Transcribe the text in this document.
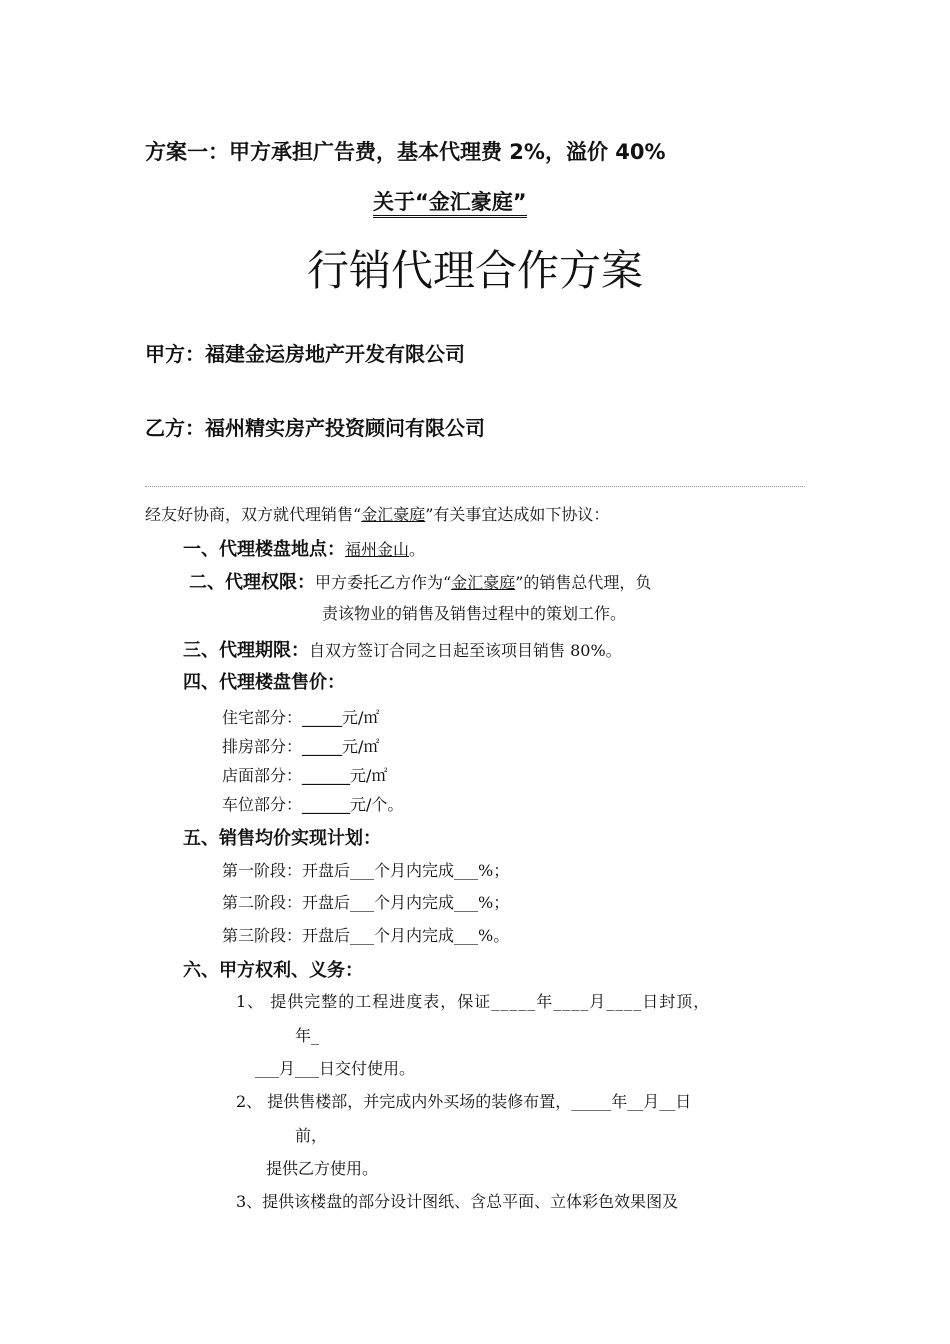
方案一：甲方承担广告费，基本代理费 2%，溢价 40%
关于“金汇豪庭”
行销代理合作方案
甲方：福建金运房地产开发有限公司
乙方：福州精实房产投资顾问有限公司
经友好协商，双方就代理销售“金汇豪庭”有关事宜达成如下协议：
一、代理楼盘地点：福州金山。
二、代理权限：甲方委托乙方作为“金汇豪庭”的销售总代理，负
责该物业的销售及销售过程中的策划工作。
三、代理期限：自双方签订合同之日起至该项目销售 80%。
四、代理楼盘售价：
住宅部分：_____元/㎡
排房部分：_____元/㎡
店面部分：______元/㎡
车位部分：______元/个。
五、销售均价实现计划：
第一阶段：开盘后___个月内完成___%；
第二阶段：开盘后___个月内完成___%；
第三阶段：开盘后___个月内完成___%。
六、甲方权利、义务：
1、 提供完整的工程进度表，保证_____年____月____日封顶，
年_
___月___日交付使用。
2、 提供售楼部，并完成内外买场的装修布置，_____年__月__日
前，
提供乙方使用。
3、提供该楼盘的部分设计图纸、含总平面、立体彩色效果图及
